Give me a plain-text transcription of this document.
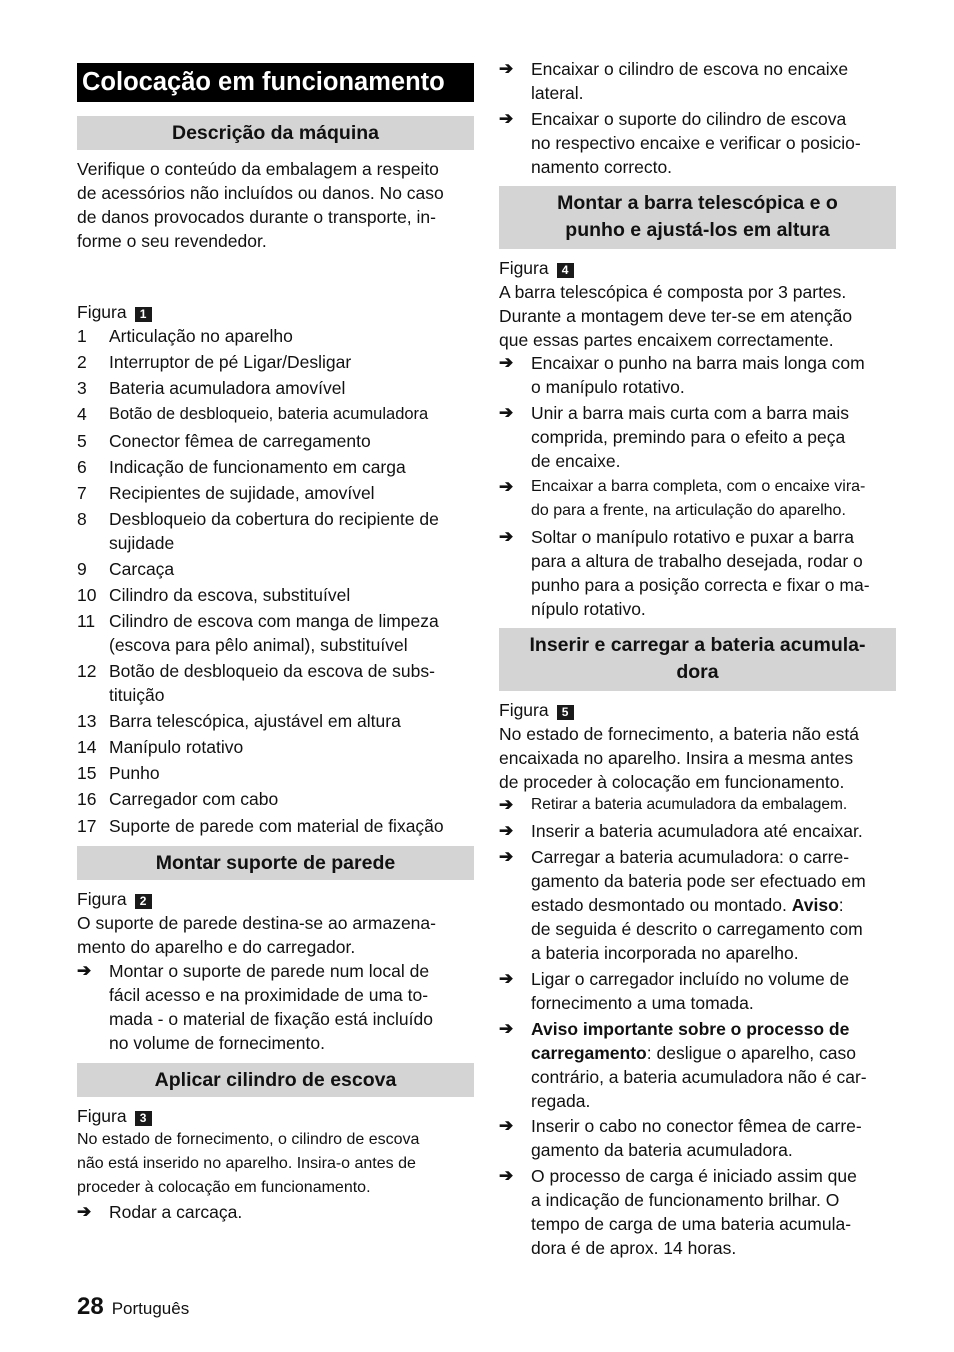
Colocação em funcionamento
Descrição da máquina
Verifique o conteúdo da embalagem a respeito
de acessórios não incluídos ou danos. No caso
de danos provocados durante o transporte, in-
forme o seu revendedor.
Figura 1
1 Articulação no aparelho
2 Interruptor de pé Ligar/Desligar
3 Bateria acumuladora amovível
4 Botão de desbloqueio, bateria acumuladora
5 Conector fêmea de carregamento
6 Indicação de funcionamento em carga
7 Recipientes de sujidade, amovível
8 Desbloqueio da cobertura do recipiente de
sujidade
9 Carcaça
10 Cilindro da escova, substituível
11 Cilindro de escova com manga de limpeza
(escova para pêlo animal), substituível
12 Botão de desbloqueio da escova de subs-
tituição
13 Barra telescópica, ajustável em altura
14 Manípulo rotativo
15 Punho
16 Carregador com cabo
17 Suporte de parede com material de fixação
Montar suporte de parede
Figura 2
O suporte de parede destina-se ao armazena-
mento do aparelho e do carregador.
➔ Montar o suporte de parede num local de
fácil acesso e na proximidade de uma to-
mada - o material de fixação está incluído
no volume de fornecimento.
Aplicar cilindro de escova
Figura 3
No estado de fornecimento, o cilindro de escova
não está inserido no aparelho. Insira-o antes de
proceder à colocação em funcionamento.
➔ Rodar a carcaça.
➔ Encaixar o cilindro de escova no encaixe
lateral.
➔ Encaixar o suporte do cilindro de escova
no respectivo encaixe e verificar o posicio-
namento correcto.
Montar a barra telescópica e o
punho e ajustá-los em altura
Figura 4
A barra telescópica é composta por 3 partes.
Durante a montagem deve ter-se em atenção
que essas partes encaixem correctamente.
➔ Encaixar o punho na barra mais longa com
o manípulo rotativo.
➔ Unir a barra mais curta com a barra mais
comprida, premindo para o efeito a peça
de encaixe.
➔ Encaixar a barra completa, com o encaixe vira-
do para a frente, na articulação do aparelho.
➔ Soltar o manípulo rotativo e puxar a barra
para a altura de trabalho desejada, rodar o
punho para a posição correcta e fixar o ma-
nípulo rotativo.
Inserir e carregar a bateria acumula-
dora
Figura 5
No estado de fornecimento, a bateria não está
encaixada no aparelho. Insira a mesma antes
de proceder à colocação em funcionamento.
➔ Retirar a bateria acumuladora da embalagem.
➔ Inserir a bateria acumuladora até encaixar.
➔ Carregar a bateria acumuladora: o carre-
gamento da bateria pode ser efectuado em
estado desmontado ou montado. Aviso:
de seguida é descrito o carregamento com
a bateria incorporada no aparelho.
➔ Ligar o carregador incluído no volume de
fornecimento a uma tomada.
➔ Aviso importante sobre o processo de
carregamento: desligue o aparelho, caso
contrário, a bateria acumuladora não é car-
regada.
➔ Inserir o cabo no conector fêmea de carre-
gamento da bateria acumuladora.
➔ O processo de carga é iniciado assim que
a indicação de funcionamento brilhar. O
tempo de carga de uma bateria acumula-
dora é de aprox. 14 horas.
28 Português
